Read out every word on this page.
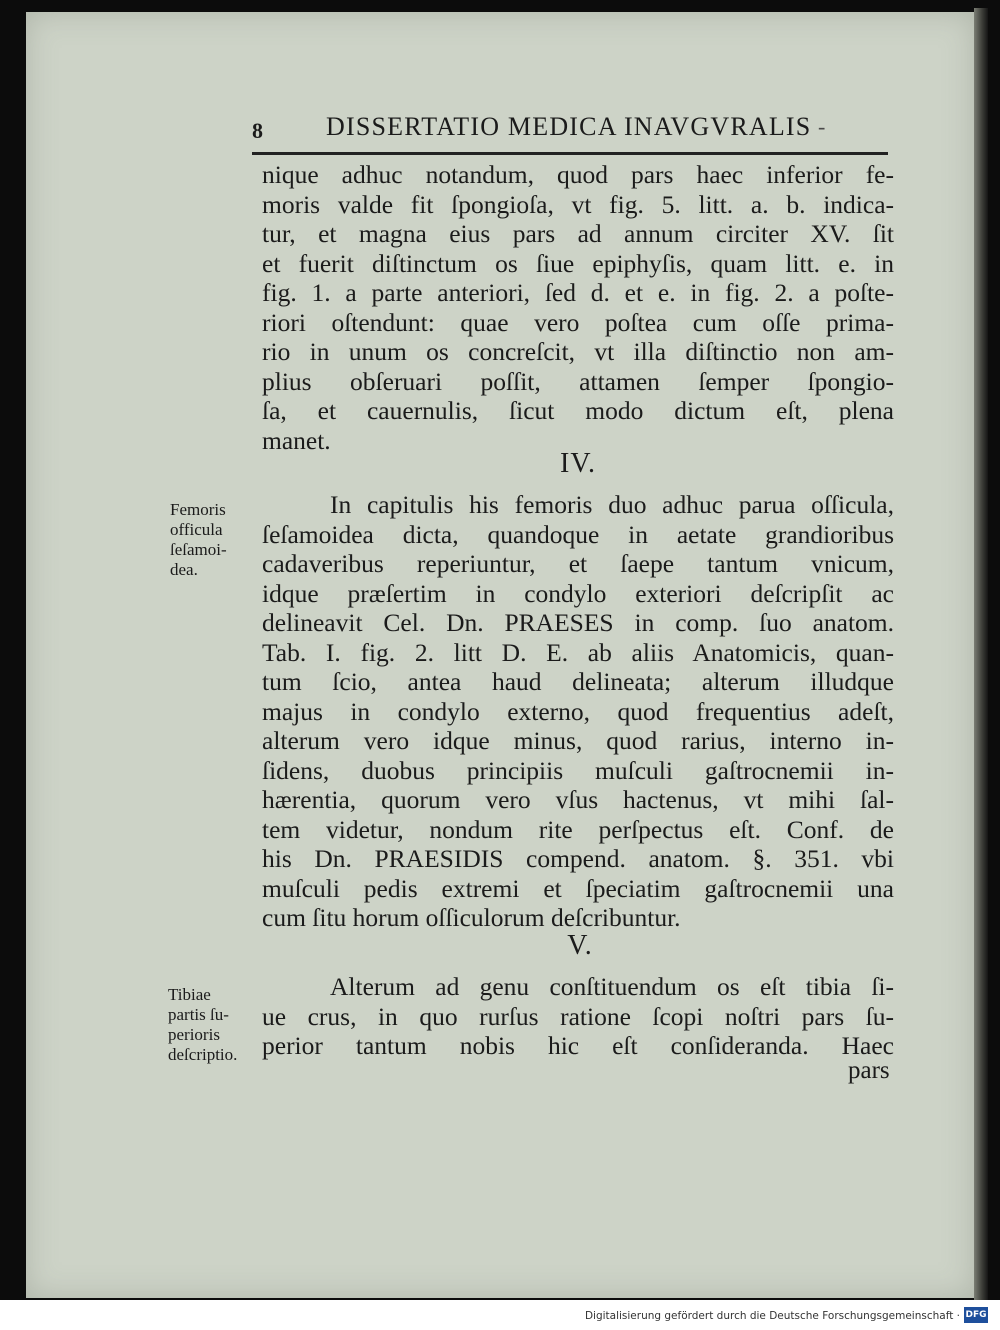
8 DISSERTATIO MEDICA INAVGVRALIS -

nique adhuc notandum, quod pars haec inferior fe-

moris valde fit ſpongioſa, vt fig. 5. litt. a. b. indica-

tur, et magna eius pars ad annum circiter XV. ſit

et fuerit diſtinctum os ſiue epiphyſis, quam litt. e. in

fig. 1. a parte anteriori, ſed d. et e. in fig. 2. a poſte-

riori oſtendunt: quae vero poſtea cum oſſe prima-

rio in unum os concreſcit, vt illa diſtinctio non am-

plius obſeruari poſſit, attamen ſemper ſpongio-

ſa, et cauernulis, ſicut modo dictum eſt, plena

manet.

IV.
Femoris
officula
ſeſamoi-
dea.

In capitulis his femoris duo adhuc parua oſſicula,

ſeſamoidea dicta, quandoque in aetate grandioribus

cadaveribus reperiuntur, et ſaepe tantum vnicum,

idque præſertim in condylo exteriori deſcripſit ac

delineavit Cel. Dn. PRAESES in comp. ſuo anatom.

Tab. I. fig. 2. litt D. E. ab aliis Anatomicis, quan-

tum ſcio, antea haud delineata; alterum illudque

majus in condylo externo, quod frequentius adeſt,

alterum vero idque minus, quod rarius, interno in-

ſidens, duobus principiis muſculi gaſtrocnemii in-

hærentia, quorum vero vſus hactenus, vt mihi ſal-

tem videtur, nondum rite perſpectus eſt. Conf. de

his Dn. PRAESIDIS compend. anatom. §. 351. vbi

muſculi pedis extremi et ſpeciatim gaſtrocnemii una

cum ſitu horum oſſiculorum deſcribuntur.

V.
Tibiae
partis ſu-
perioris
deſcriptio.

Alterum ad genu conſtituendum os eſt tibia ſi-

ue crus, in quo rurſus ratione ſcopi noſtri pars ſu-

perior tantum nobis hic eſt conſideranda. Haec

pars
Digitalisierung gefördert durch die Deutsche Forschungsgemeinschaft · DFG
